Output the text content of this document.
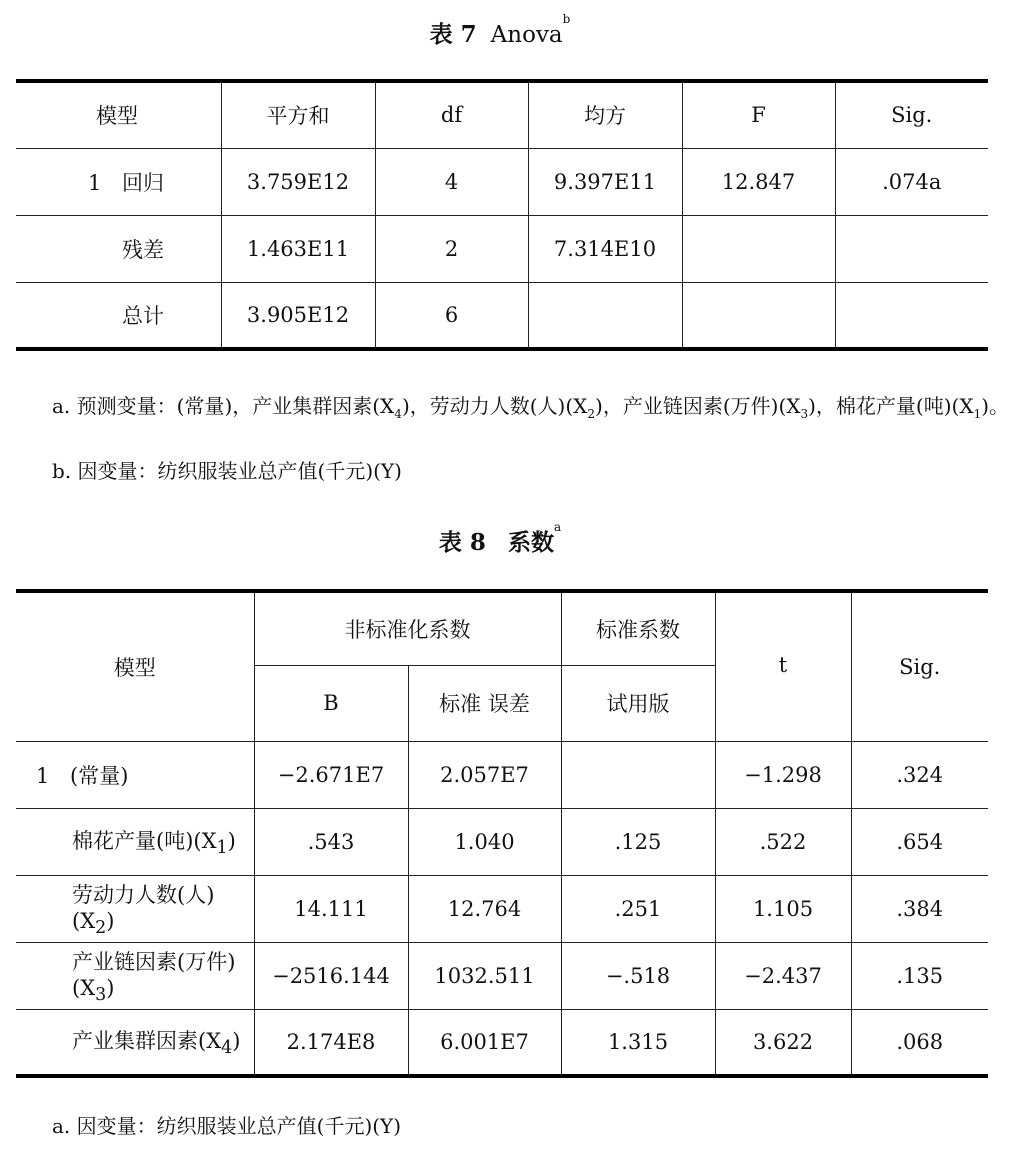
表 7 Anova$^b$
模型	平方和	df	均方	F	Sig.
1 回归	3.759E12	4	9.397E11	12.847	.074a
残差	1.463E11	2	7.314E10		
总计	3.905E12	6			
a. 预测变量：(常量)，产业集群因素$(X_4)$，劳动力人数(人)$(X_2)$，产业链因素(万件)$(X_3)$，棉花产量(吨)$(X_1)$。
b. 因变量：纺织服装业总产值(千元)(Y)
表 8 系数$^a$
模型	非标准化系数		标准系数	t	Sig.
	B	标准 误差	试用版		
1 (常量)	−2.671E7	2.057E7		−1.298	.324
棉花产量(吨)$(X_1)$	.543	1.040	.125	.522	.654
劳动力人数(人)$(X_2)$	14.111	12.764	.251	1.105	.384
产业链因素(万件)$(X_3)$	−2516.144	1032.511	−.518	−2.437	.135
产业集群因素$(X_4)$	2.174E8	6.001E7	1.315	3.622	.068
a. 因变量：纺织服装业总产值(千元)(Y)
